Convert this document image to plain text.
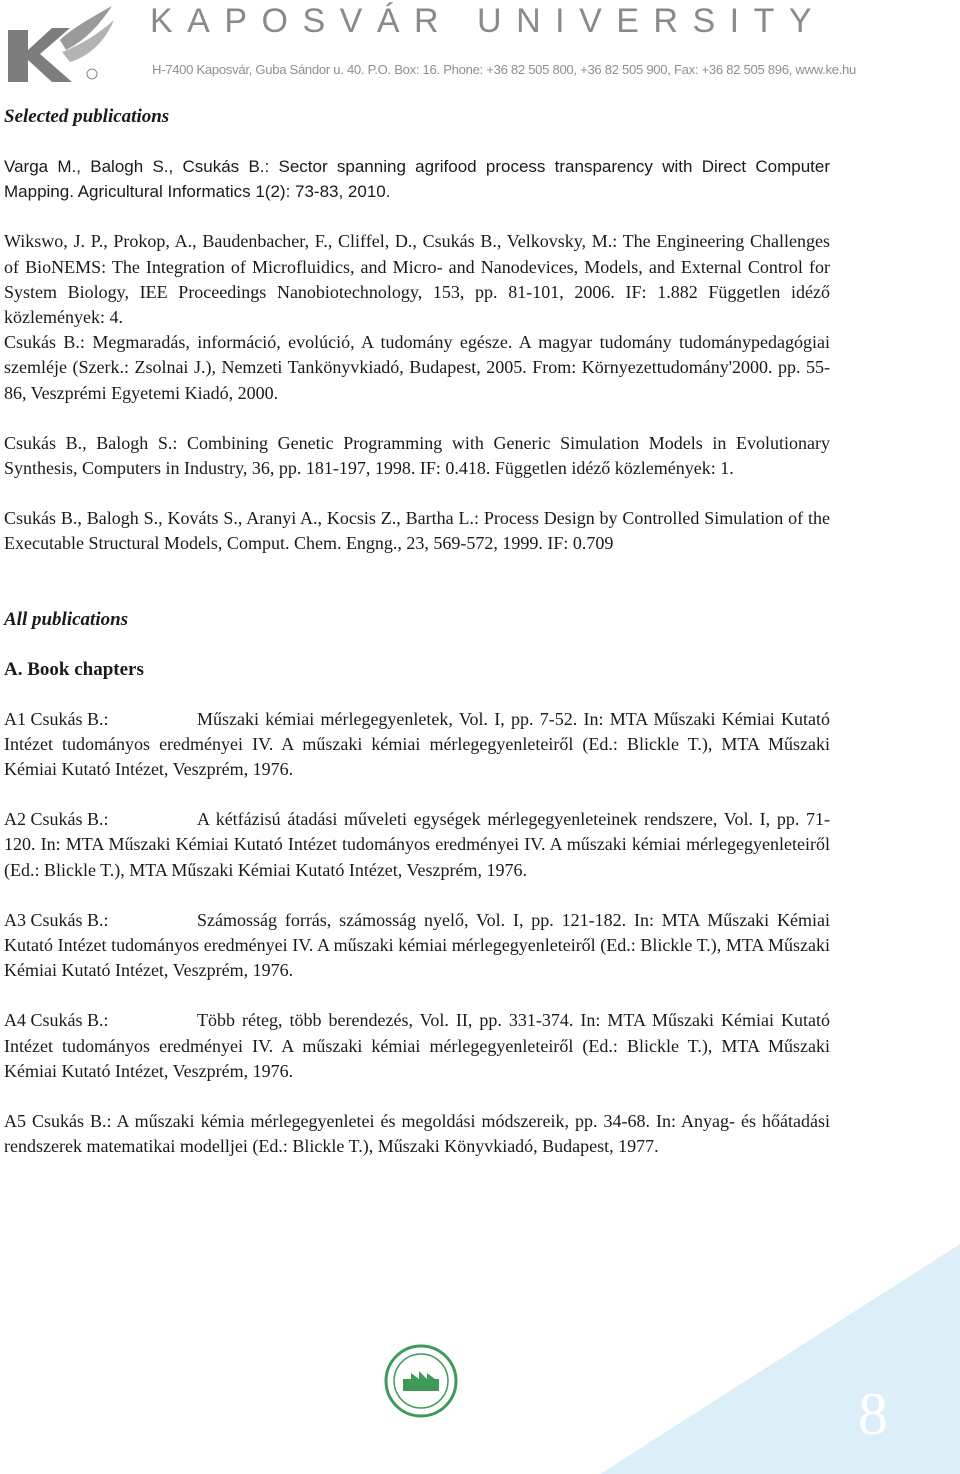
KAPOSVÁR UNIVERSITY
H-7400 Kaposvár, Guba Sándor u. 40. P.O. Box: 16. Phone: +36 82 505 800, +36 82 505 900, Fax: +36 82 505 896, www.ke.hu
8
Selected publications

Varga M., Balogh S., Csukás B.: Sector spanning agrifood process transparency with Direct Computer Mapping. Agricultural Informatics 1(2): 73-83, 2010.

Wikswo, J. P., Prokop, A., Baudenbacher, F., Cliffel, D., Csukás B., Velkovsky, M.: The Engineering Challenges of BioNEMS: The Integration of Microfluidics, and Micro- and Nanodevices, Models, and External Control for System Biology, IEE Proceedings Nanobiotechnology, 153, pp. 81-101, 2006. IF: 1.882 Független idéző közlemények: 4.

Csukás B.: Megmaradás, információ, evolúció, A tudomány egésze. A magyar tudomány tudománypedagógiai szemléje (Szerk.: Zsolnai J.), Nemzeti Tankönyvkiadó, Budapest, 2005. From: Környezettudomány'2000. pp. 55-86, Veszprémi Egyetemi Kiadó, 2000.

Csukás B., Balogh S.: Combining Genetic Programming with Generic Simulation Models in Evolutionary Synthesis, Computers in Industry, 36, pp. 181-197, 1998. IF: 0.418. Független idéző közlemények: 1.

Csukás B., Balogh S., Kováts S., Aranyi A., Kocsis Z., Bartha L.: Process Design by Controlled Simulation of the Executable Structural Models, Comput. Chem. Engng., 23, 569-572, 1999. IF: 0.709

All publications
A. Book chapters

A1 Csukás B.:	Műszaki kémiai mérlegegyenletek, Vol. I, pp. 7-52. In: MTA Műszaki Kémiai Kutató Intézet tudományos eredményei IV. A műszaki kémiai mérlegegyenleteiről (Ed.: Blickle T.), MTA Műszaki Kémiai Kutató Intézet, Veszprém, 1976.

A2 Csukás B.:	A kétfázisú átadási műveleti egységek mérlegegyenleteinek rendszere, Vol. I, pp. 71-120. In: MTA Műszaki Kémiai Kutató Intézet tudományos eredményei IV. A műszaki kémiai mérlegegyenleteiről (Ed.: Blickle T.), MTA Műszaki Kémiai Kutató Intézet, Veszprém, 1976.

A3 Csukás B.:	Számosság forrás, számosság nyelő, Vol. I, pp. 121-182. In: MTA Műszaki Kémiai Kutató Intézet tudományos eredményei IV. A műszaki kémiai mérlegegyenleteiről (Ed.: Blickle T.), MTA Műszaki Kémiai Kutató Intézet, Veszprém, 1976.

A4 Csukás B.:	Több réteg, több berendezés, Vol. II, pp. 331-374. In: MTA Műszaki Kémiai Kutató Intézet tudományos eredményei IV. A műszaki kémiai mérlegegyenleteiről (Ed.: Blickle T.), MTA Műszaki Kémiai Kutató Intézet, Veszprém, 1976.

A5 Csukás B.: A műszaki kémia mérlegegyenletei és megoldási módszereik, pp. 34-68. In: Anyag- és hőátadási rendszerek matematikai modelljei (Ed.: Blickle T.), Műszaki Könyvkiadó, Budapest, 1977.
